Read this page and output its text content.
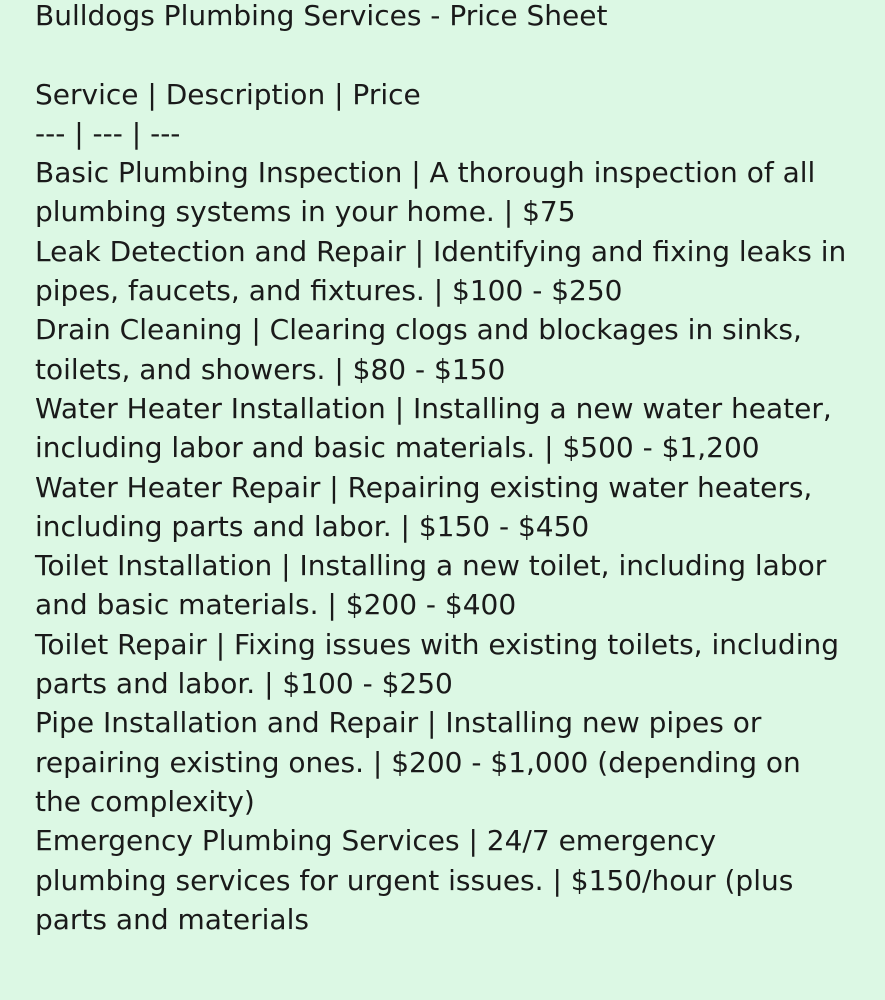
Bulldogs Plumbing Services - Price Sheet
Service | Description | Price
--- | --- | ---
Basic Plumbing Inspection | A thorough inspection of all plumbing systems in your home. | $75
Leak Detection and Repair | Identifying and fixing leaks in pipes, faucets, and fixtures. | $100 - $250
Drain Cleaning | Clearing clogs and blockages in sinks, toilets, and showers. | $80 - $150
Water Heater Installation | Installing a new water heater, including labor and basic materials. | $500 - $1,200
Water Heater Repair | Repairing existing water heaters, including parts and labor. | $150 - $450
Toilet Installation | Installing a new toilet, including labor and basic materials. | $200 - $400
Toilet Repair | Fixing issues with existing toilets, including parts and labor. | $100 - $250
Pipe Installation and Repair | Installing new pipes or repairing existing ones. | $200 - $1,000 (depending on the complexity)
Emergency Plumbing Services | 24/7 emergency plumbing services for urgent issues. | $150/hour (plus parts and materials
